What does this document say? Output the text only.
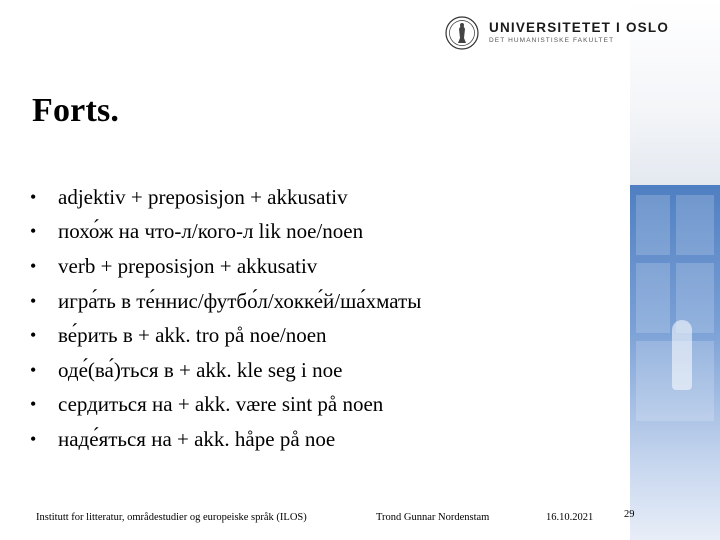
UNIVERSITETET I OSLO
DET HUMANISTISKE FAKULTET
Forts.
•	adjektiv + preposisjon + akkusativ
•	похо́ж на что-л/кого-л lik noe/noen
•	verb + preposisjon + akkusativ
•	игра́ть в те́ннис/футбо́л/хокке́й/ша́хматы
•	ве́рить в + akk. tro på noe/noen
•	оде́(ва́)ться в + akk. kle seg i noe
•	сердиться на + akk. være sint på noen
•	наде́яться на + akk. håpe på noe
Institutt for litteratur, områdestudier og europeiske språk (ILOS)	Trond Gunnar Nordenstam	16.10.2021	29
